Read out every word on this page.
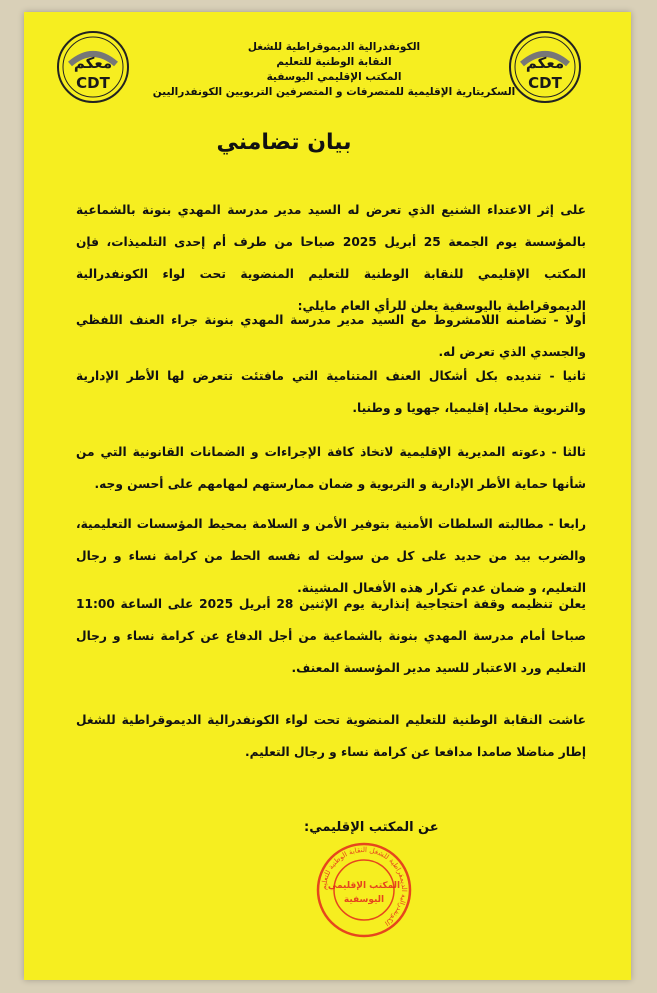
معكم
CDT
معكم
CDT
الكونفدرالية الديموقراطية للشغل
النقابة الوطنية للتعليم
المكتب الإقليمي اليوسفية
السكريتارية الإقليمية للمتصرفات و المتصرفين التربويين الكونفدراليين
بيان تضامني

على إثر الاعتداء الشنيع الذي تعرض له السيد مدير مدرسة المهدي بنونة بالشماعية بالمؤسسة يوم الجمعة 25 أبريل 2025 صباحا من طرف أم إحدى التلميذات، فإن المكتب الإقليمي للنقابة الوطنية للتعليم المنضوية تحت لواء الكونفدرالية الديموقراطية باليوسفية يعلن للرأي العام مايلي:

أولا - تضامنه اللامشروط مع السيد مدير مدرسة المهدي بنونة جراء العنف اللفظي والجسدي الذي تعرض له.

ثانيا - تنديده بكل أشكال العنف المتنامية التي مافتئت تتعرض لها الأطر الإدارية والتربوية محليا، إقليميا، جهويا و وطنيا.

ثالثا - دعوته المديرية الإقليمية لاتخاذ كافة الإجراءات و الضمانات القانونية التي من شأنها حماية الأطر الإدارية و التربوية و ضمان ممارستهم لمهامهم على أحسن وجه.

رابعا - مطالبته السلطات الأمنية بتوفير الأمن و السلامة بمحيط المؤسسات التعليمية، والضرب بيد من حديد على كل من سولت له نفسه الحط من كرامة نساء و رجال التعليم، و ضمان عدم تكرار هذه الأفعال المشينة.

يعلن تنظيمه وقفة احتجاجية إنذارية يوم الإثنين 28 أبريل 2025 على الساعة 11:00 صباحا أمام مدرسة المهدي بنونة بالشماعية من أجل الدفاع عن كرامة نساء و رجال التعليم ورد الاعتبار للسيد مدير المؤسسة المعنف.

عاشت النقابة الوطنية للتعليم المنضوية تحت لواء الكونفدرالية الديموقراطية للشغل إطار مناضلا صامدا مدافعا عن كرامة نساء و رجال التعليم.

عن المكتب الإقليمي:
الكونفدرالية الديمقراطية للشغل النقابة الوطنية للتعليم
المكتب الإقليمي
اليوسفية
